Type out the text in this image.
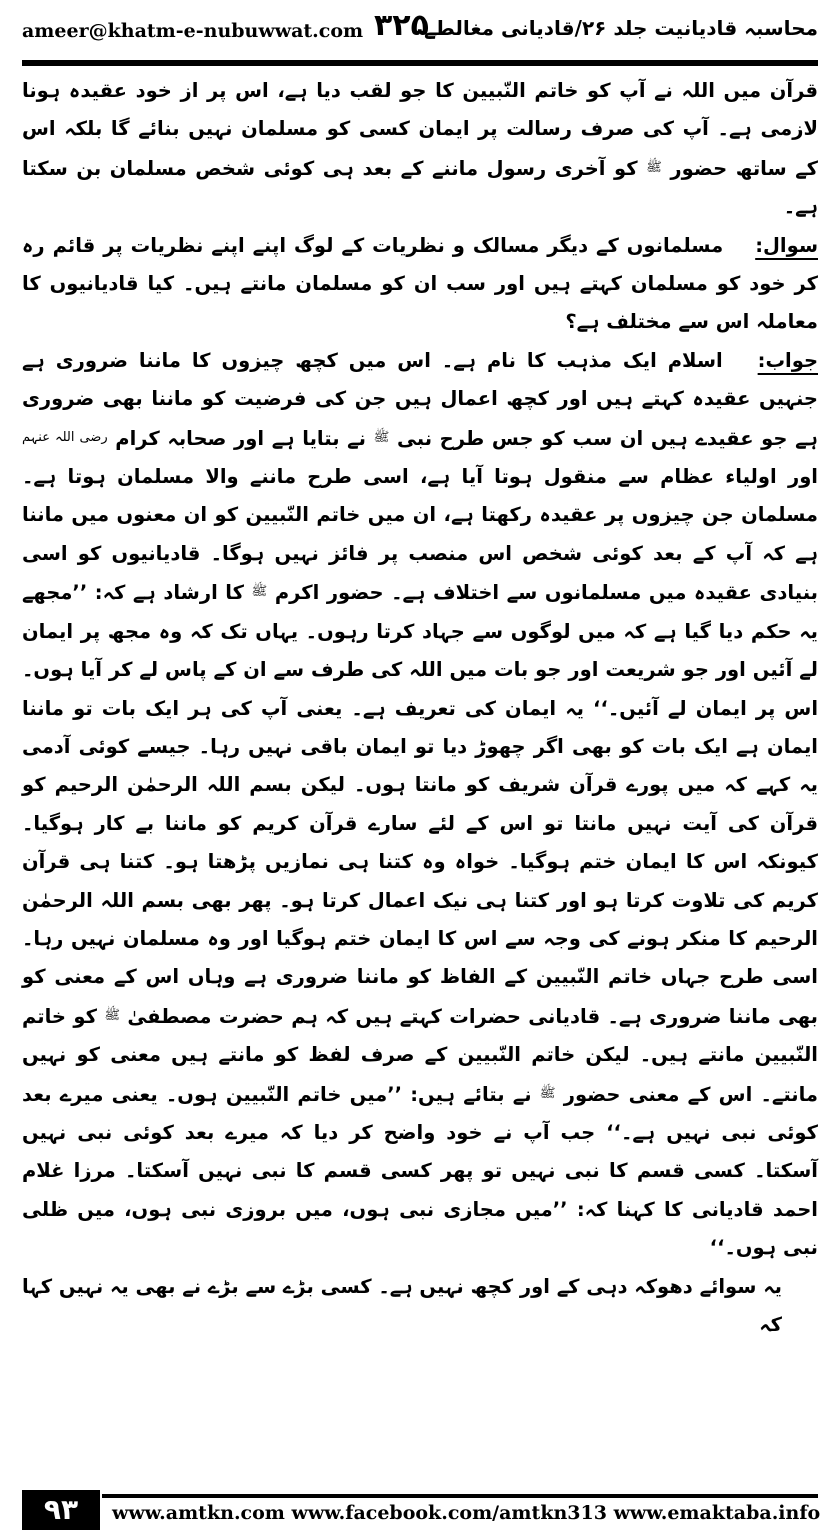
ameer@khatm-e-nubuwwat.com ۳۲۵
محاسبہ قادیانیت جلد ۲۶/قادیانی مغالطے

قرآن میں اللہ نے آپ کو خاتم النّبیین کا جو لقب دیا ہے، اس پر از خود عقیدہ ہونا لازمی ہے۔ آپ کی صرف رسالت پر ایمان کسی کو مسلمان نہیں بنائے گا بلکہ اس کے ساتھ حضور $^ﷺ$ کو آخری رسول ماننے کے بعد ہی کوئی شخص مسلمان بن سکتا ہے۔

سوال: مسلمانوں کے دیگر مسالک و نظریات کے لوگ اپنے اپنے نظریات پر قائم رہ کر خود کو مسلمان کہتے ہیں اور سب ان کو مسلمان مانتے ہیں۔ کیا قادیانیوں کا معاملہ اس سے مختلف ہے؟

جواب: اسلام ایک مذہب کا نام ہے۔ اس میں کچھ چیزوں کا ماننا ضروری ہے جنہیں عقیدہ کہتے ہیں اور کچھ اعمال ہیں جن کی فرضیت کو ماننا بھی ضروری ہے جو عقیدے ہیں ان سب کو جس طرح نبی $^ﷺ$ نے بتایا ہے اور صحابہ کرام $^{رضی اللہ عنہم}$ اور اولیاء عظام سے منقول ہوتا آیا ہے، اسی طرح ماننے والا مسلمان ہوتا ہے۔ مسلمان جن چیزوں پر عقیدہ رکھتا ہے، ان میں خاتم النّبیین کو ان معنوں میں ماننا ہے کہ آپ کے بعد کوئی شخص اس منصب پر فائز نہیں ہوگا۔ قادیانیوں کو اسی بنیادی عقیدہ میں مسلمانوں سے اختلاف ہے۔ حضور اکرم $^ﷺ$ کا ارشاد ہے کہ: ’’مجھے یہ حکم دیا گیا ہے کہ میں لوگوں سے جہاد کرتا رہوں۔ یہاں تک کہ وہ مجھ پر ایمان لے آئیں اور جو شریعت اور جو بات میں اللہ کی طرف سے ان کے پاس لے کر آیا ہوں۔ اس پر ایمان لے آئیں۔‘‘ یہ ایمان کی تعریف ہے۔ یعنی آپ کی ہر ایک بات تو ماننا ایمان ہے ایک بات کو بھی اگر چھوڑ دیا تو ایمان باقی نہیں رہا۔ جیسے کوئی آدمی یہ کہے کہ میں پورے قرآن شریف کو مانتا ہوں۔ لیکن بسم اللہ الرحمٰن الرحیم کو قرآن کی آیت نہیں مانتا تو اس کے لئے سارے قرآن کریم کو ماننا بے کار ہوگیا۔ کیونکہ اس کا ایمان ختم ہوگیا۔ خواہ وہ کتنا ہی نمازیں پڑھتا ہو۔ کتنا ہی قرآن کریم کی تلاوت کرتا ہو اور کتنا ہی نیک اعمال کرتا ہو۔ پھر بھی بسم اللہ الرحمٰن الرحیم کا منکر ہونے کی وجہ سے اس کا ایمان ختم ہوگیا اور وہ مسلمان نہیں رہا۔ اسی طرح جہاں خاتم النّبیین کے الفاظ کو ماننا ضروری ہے وہاں اس کے معنی کو بھی ماننا ضروری ہے۔ قادیانی حضرات کہتے ہیں کہ ہم حضرت مصطفیٰ $^ﷺ$ کو خاتم النّبیین مانتے ہیں۔ لیکن خاتم النّبیین کے صرف لفظ کو مانتے ہیں معنی کو نہیں مانتے۔ اس کے معنی حضور $^ﷺ$ نے بتائے ہیں: ’’میں خاتم النّبیین ہوں۔ یعنی میرے بعد کوئی نبی نہیں ہے۔‘‘ جب آپ نے خود واضح کر دیا کہ میرے بعد کوئی نبی نہیں آسکتا۔ کسی قسم کا نبی نہیں تو پھر کسی قسم کا نبی نہیں آسکتا۔ مرزا غلام احمد قادیانی کا کہنا کہ: ’’میں مجازی نبی ہوں، میں بروزی نبی ہوں، میں ظلی نبی ہوں۔‘‘

یہ سوائے دھوکہ دہی کے اور کچھ نہیں ہے۔ کسی بڑے سے بڑے نے بھی یہ نہیں کہا کہ

۹۳	www.amtkn.com www.facebook.com/amtkn313 www.emaktaba.info
